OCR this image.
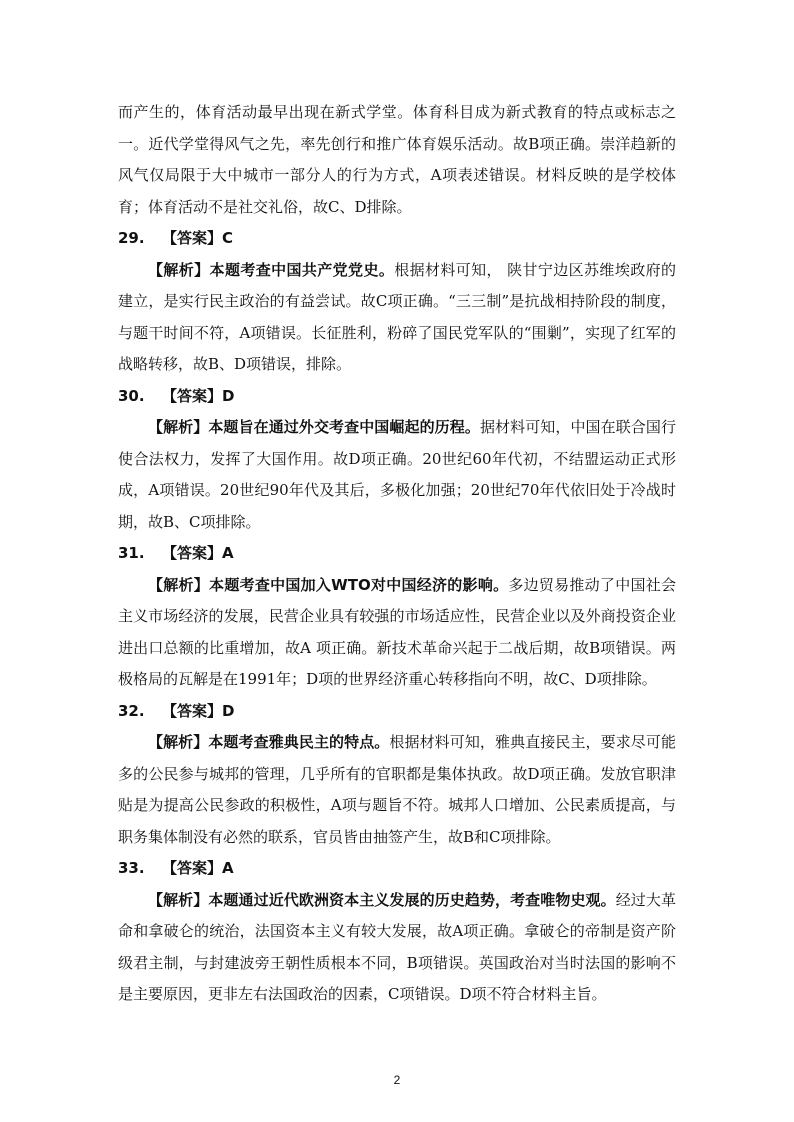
而产生的，体育活动最早出现在新式学堂。体育科目成为新式教育的特点或标志之一。近代学堂得风气之先，率先创行和推广体育娱乐活动。故B项正确。崇洋趋新的风气仅局限于大中城市一部分人的行为方式，A项表述错误。材料反映的是学校体育；体育活动不是社交礼俗，故C、D排除。

29. 【答案】C

【解析】本题考查中国共产党党史。根据材料可知， 陕甘宁边区苏维埃政府的建立，是实行民主政治的有益尝试。故C项正确。“三三制”是抗战相持阶段的制度，与题干时间不符，A项错误。长征胜利，粉碎了国民党军队的“围剿”，实现了红军的战略转移，故B、D项错误，排除。

30. 【答案】D

【解析】本题旨在通过外交考查中国崛起的历程。据材料可知，中国在联合国行使合法权力，发挥了大国作用。故D项正确。20世纪60年代初，不结盟运动正式形成，A项错误。20世纪90年代及其后，多极化加强；20世纪70年代依旧处于冷战时期，故B、C项排除。

31. 【答案】A

【解析】本题考查中国加入WTO对中国经济的影响。多边贸易推动了中国社会主义市场经济的发展，民营企业具有较强的市场适应性，民营企业以及外商投资企业进出口总额的比重增加，故A 项正确。新技术革命兴起于二战后期，故B项错误。两极格局的瓦解是在1991年；D项的世界经济重心转移指向不明，故C、D项排除。

32. 【答案】D

【解析】本题考查雅典民主的特点。根据材料可知，雅典直接民主，要求尽可能多的公民参与城邦的管理，几乎所有的官职都是集体执政。故D项正确。发放官职津贴是为提高公民参政的积极性，A项与题旨不符。城邦人口增加、公民素质提高，与职务集体制没有必然的联系，官员皆由抽签产生，故B和C项排除。

33. 【答案】A

【解析】本题通过近代欧洲资本主义发展的历史趋势，考查唯物史观。经过大革命和拿破仑的统治，法国资本主义有较大发展，故A项正确。拿破仑的帝制是资产阶级君主制，与封建波旁王朝性质根本不同，B项错误。英国政治对当时法国的影响不是主要原因，更非左右法国政治的因素，C项错误。D项不符合材料主旨。

2
